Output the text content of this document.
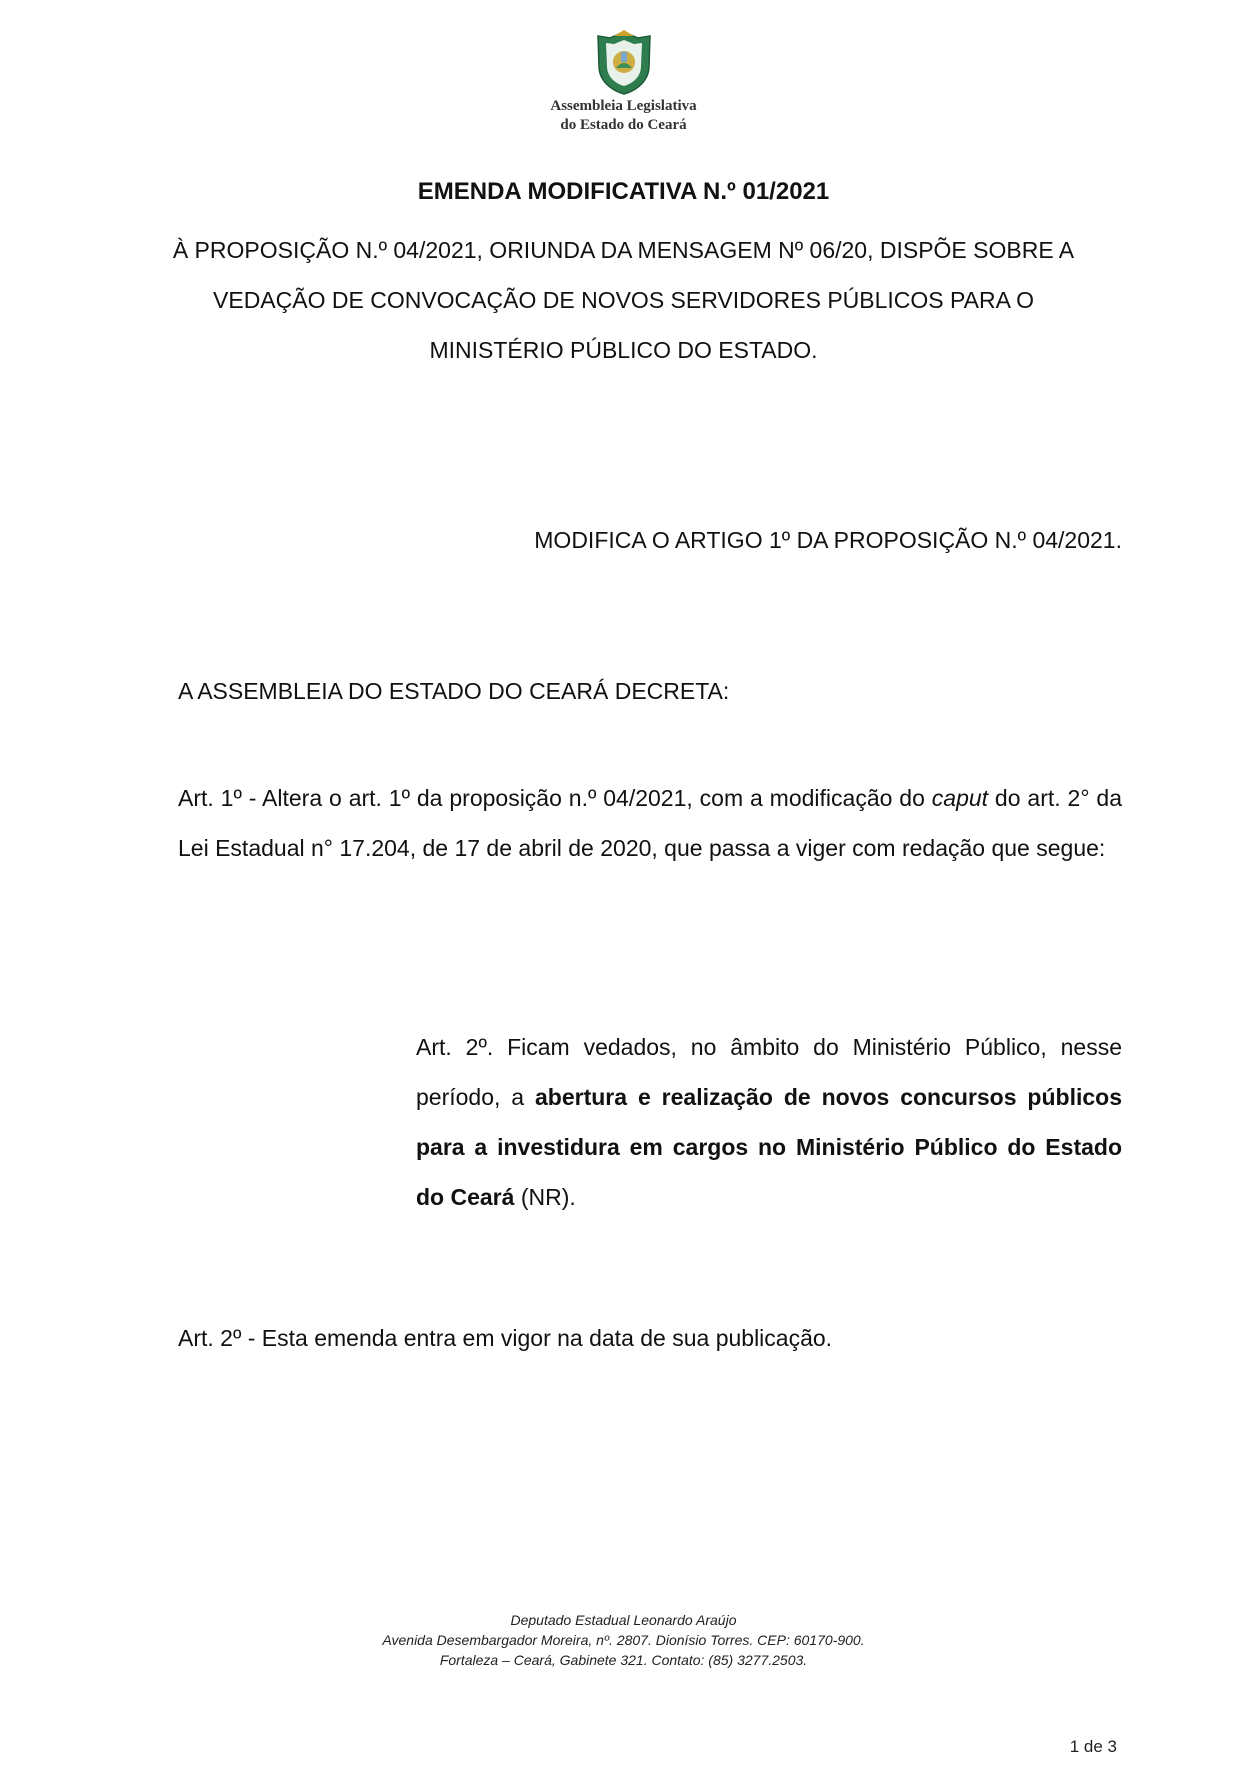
Assembleia Legislativa
do Estado do Ceará
EMENDA MODIFICATIVA N.º 01/2021
À PROPOSIÇÃO N.º 04/2021, ORIUNDA DA MENSAGEM Nº 06/20, DISPÕE SOBRE A VEDAÇÃO DE CONVOCAÇÃO DE NOVOS SERVIDORES PÚBLICOS PARA O MINISTÉRIO PÚBLICO DO ESTADO.
MODIFICA O ARTIGO 1º DA PROPOSIÇÃO N.º 04/2021.
A ASSEMBLEIA DO ESTADO DO CEARÁ DECRETA:
Art. 1º - Altera o art. 1º da proposição n.º 04/2021, com a modificação do caput do art. 2° da Lei Estadual n° 17.204, de 17 de abril de 2020, que passa a viger com redação que segue:
Art. 2º. Ficam vedados, no âmbito do Ministério Público, nesse período, a abertura e realização de novos concursos públicos para a investidura em cargos no Ministério Público do Estado do Ceará (NR).
Art. 2º - Esta emenda entra em vigor na data de sua publicação.
Deputado Estadual Leonardo Araújo
Avenida Desembargador Moreira, nº. 2807. Dionísio Torres. CEP: 60170-900.
Fortaleza – Ceará, Gabinete 321. Contato: (85) 3277.2503.
1 de 3
